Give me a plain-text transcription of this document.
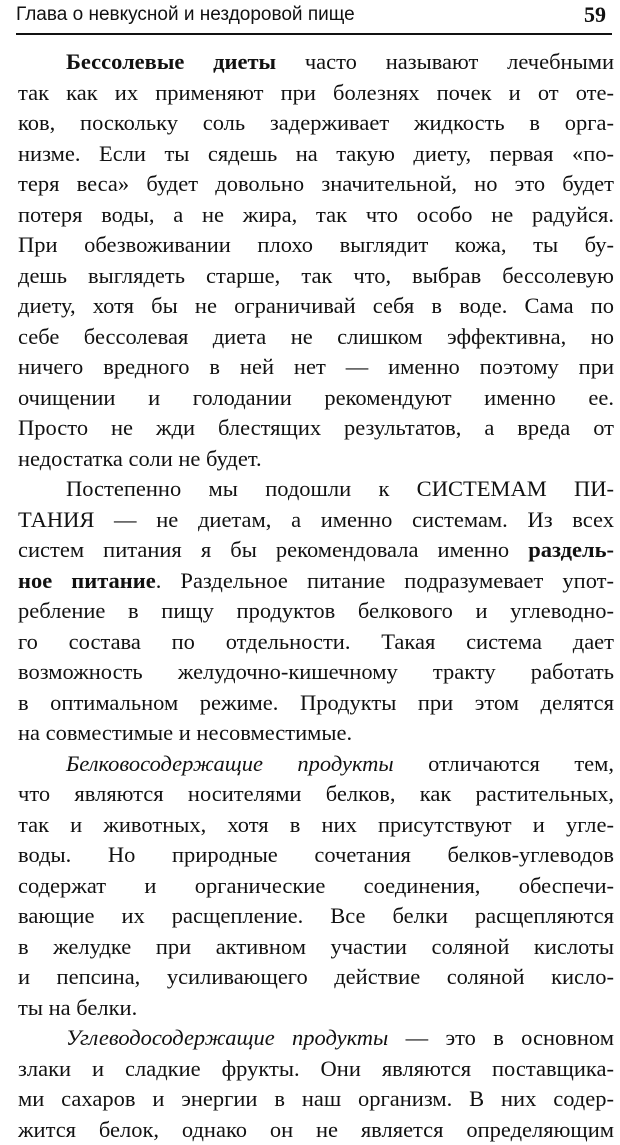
Глава о невкусной и нездоровой пище	59
Бессолевые диеты часто называют лечебными
так как их применяют при болезнях почек и от оте-
ков, поскольку соль задерживает жидкость в орга-
низме. Если ты сядешь на такую диету, первая «по-
теря веса» будет довольно значительной, но это будет
потеря воды, а не жира, так что особо не радуйся.
При обезвоживании плохо выглядит кожа, ты бу-
дешь выглядеть старше, так что, выбрав бессолевую
диету, хотя бы не ограничивай себя в воде. Сама по
себе бессолевая диета не слишком эффективна, но
ничего вредного в ней нет — именно поэтому при
очищении и голодании рекомендуют именно ее.
Просто не жди блестящих результатов, а вреда от
недостатка соли не будет.
Постепенно мы подошли к СИСТЕМАМ ПИ-
ТАНИЯ — не диетам, а именно системам. Из всех
систем питания я бы рекомендовала именно раздель-
ное питание. Раздельное питание подразумевает упот-
ребление в пищу продуктов белкового и углеводно-
го состава по отдельности. Такая система дает
возможность желудочно-кишечному тракту работать
в оптимальном режиме. Продукты при этом делятся
на совместимые и несовместимые.
Белковосодержащие продукты отличаются тем,
что являются носителями белков, как растительных,
так и животных, хотя в них присутствуют и угле-
воды. Но природные сочетания белков-углеводов
содержат и органические соединения, обеспечи-
вающие их расщепление. Все белки расщепляются
в желудке при активном участии соляной кислоты
и пепсина, усиливающего действие соляной кисло-
ты на белки.
Углеводосодержащие продукты — это в основном
злаки и сладкие фрукты. Они являются поставщика-
ми сахаров и энергии в наш организм. В них содер-
жится белок, однако он не является определяющим
